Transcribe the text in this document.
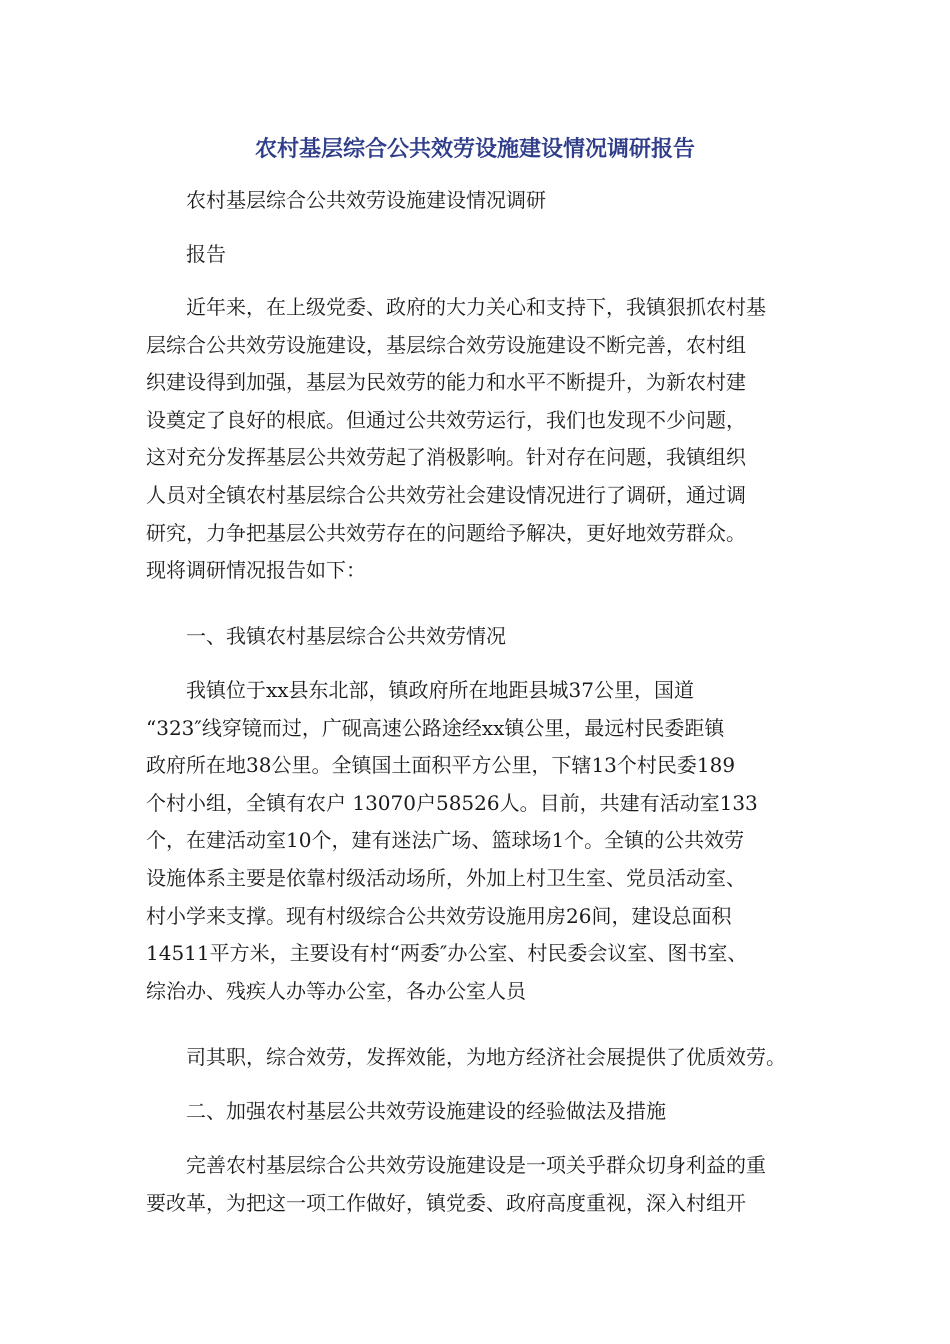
农村基层综合公共效劳设施建设情况调研报告

农村基层综合公共效劳设施建设情况调研

报告

近年来，在上级党委、政府的大力关心和支持下，我镇狠抓农村基
层综合公共效劳设施建设，基层综合效劳设施建设不断完善，农村组
织建设得到加强，基层为民效劳的能力和水平不断提升，为新农村建
设奠定了良好的根底。但通过公共效劳运行，我们也发现不少问题，
这对充分发挥基层公共效劳起了消极影响。针对存在问题，我镇组织
人员对全镇农村基层综合公共效劳社会建设情况进行了调研，通过调
研究，力争把基层公共效劳存在的问题给予解决，更好地效劳群众。
现将调研情况报告如下：

一、我镇农村基层综合公共效劳情况

我镇位于xx县东北部，镇政府所在地距县城37公里，国道
“323″线穿镜而过，广砚高速公路途经xx镇公里，最远村民委距镇
政府所在地38公里。全镇国土面积平方公里，下辖13个村民委189
个村小组，全镇有农户 13070户58526人。目前，共建有活动室133
个，在建活动室10个，建有迷法广场、篮球场1个。全镇的公共效劳
设施体系主要是依靠村级活动场所，外加上村卫生室、党员活动室、
村小学来支撑。现有村级综合公共效劳设施用房26间，建设总面积
14511平方米，主要设有村“两委″办公室、村民委会议室、图书室、
综治办、残疾人办等办公室，各办公室人员

司其职，综合效劳，发挥效能，为地方经济社会展提供了优质效劳。

二、加强农村基层公共效劳设施建设的经验做法及措施

完善农村基层综合公共效劳设施建设是一项关乎群众切身利益的重
要改革，为把这一项工作做好，镇党委、政府高度重视，深入村组开
